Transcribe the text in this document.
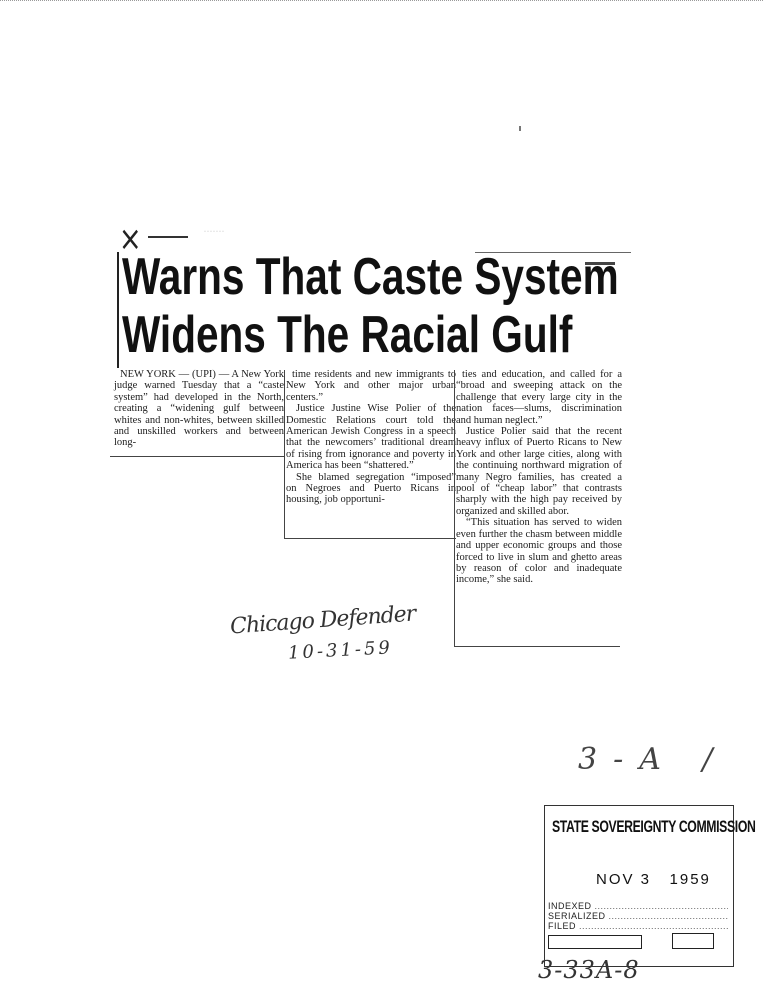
⨯	·······
Warns That Caste System
Widens The Racial Gulf

NEW YORK — (UPI) — A New York judge warned Tuesday that a “caste system” had developed in the North, creating a “widening gulf between whites and non-whites, between skilled and unskilled workers and between long-

time residents and new immigrants to New York and other major urban centers.”

Justice Justine Wise Polier of the Domestic Relations court told the American Jewish Congress in a speech that the newcomers’ traditional dream of rising from ignorance and poverty in America has been “shattered.”

She blamed segregation “imposed” on Negroes and Puerto Ricans in housing, job opportuni-

ties and education, and called for a “broad and sweeping attack on the challenge that every large city in the nation faces—slums, discrimination and human neglect.”

Justice Polier said that the recent heavy influx of Puerto Ricans to New York and other large cities, along with the continuing northward migration of many Negro families, has created a pool of “cheap labor” that contrasts sharply with the high pay received by organized and skilled abor.

“This situation has served to widen even further the chasm between middle and upper economic groups and those forced to live in slum and ghetto areas by reason of color and inadequate income,” she said.

Chicago Defender
10-31-59
3-A /
STATE SOVEREIGNTY COMMISSION
NOV 3   1959
INDEXED .....
SERIALIZED .....
FILED .....
3-33A-8
